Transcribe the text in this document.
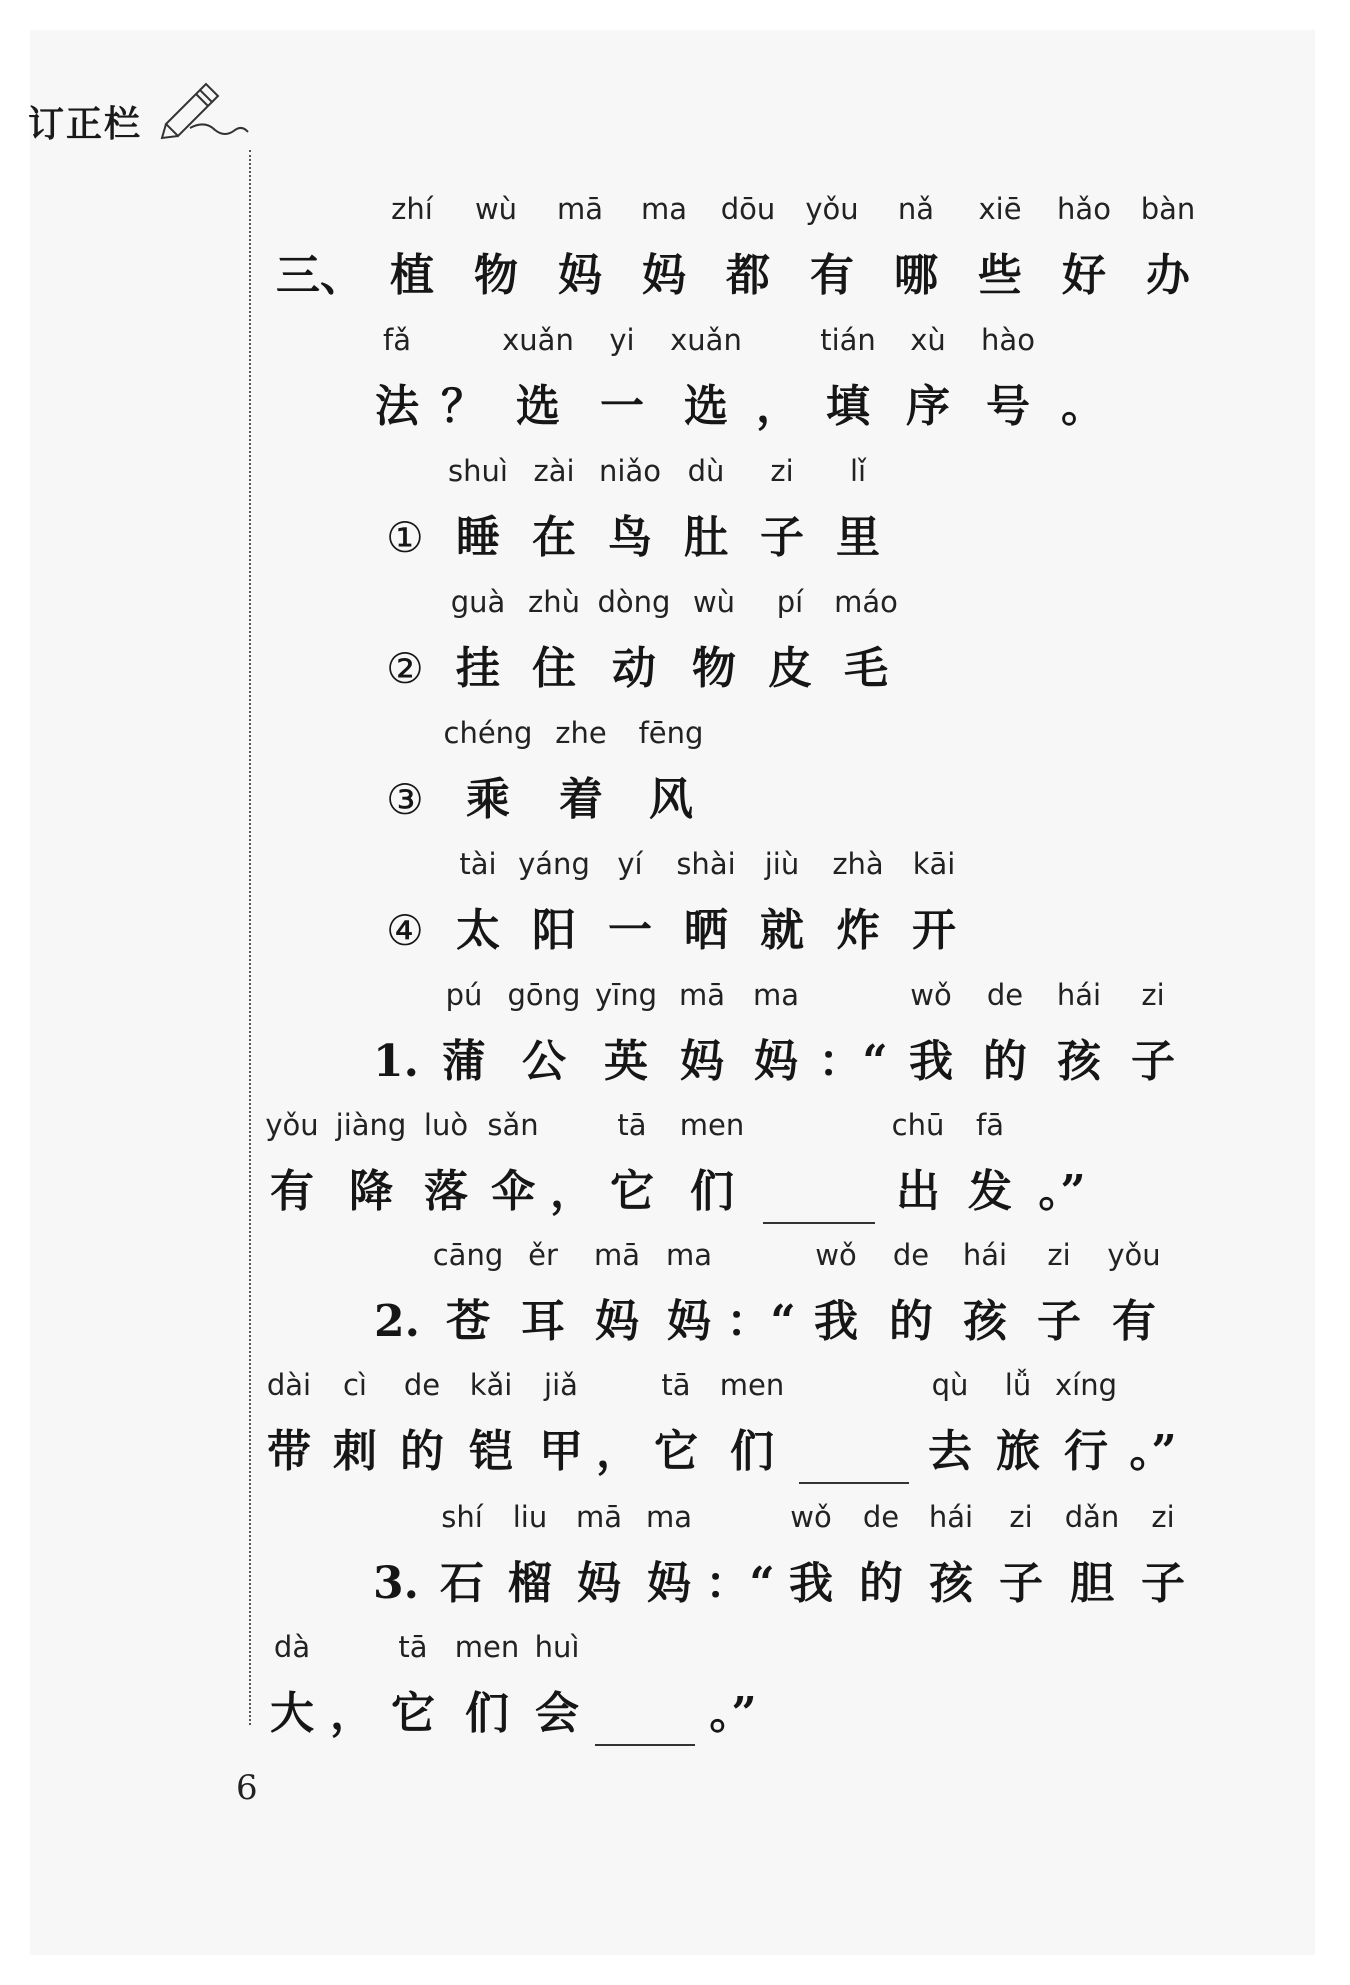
订正栏
三、
zhí
植
wù
物
mā
妈
ma
妈
dōu
都
yǒu
有
nǎ
哪
xiē
些
hǎo
好
bàn
办
fǎ
法 ？
xuǎn
选
yi
一
xuǎn
选 ，
tián
填
xù
序
hào
号 。
①
shuì
睡
zài
在
niǎo
鸟
dù
肚
zi
子
lǐ
里
②
guà
挂
zhù
住
dòng
动
wù
物
pí
皮
máo
毛
③
chéng
乘
zhe
着
fēng
风
④
tài
太
yáng
阳
yí
一
shài
晒
jiù
就
zhà
炸
kāi
开
1.
pú
蒲
gōng
公
yīng
英
mā
妈
ma
妈 ：“
wǒ
我
de
的
hái
孩
zi
子
yǒu
有
jiàng
降
luò
落
sǎn
伞 ，
tā
它
men
们
chū
出
fā
发 。”
2.
cāng
苍
ěr
耳
mā
妈
ma
妈 ：“
wǒ
我
de
的
hái
孩
zi
子
yǒu
有
dài
带
cì
刺
de
的
kǎi
铠
jiǎ
甲 ，
tā
它
men
们
qù
去
lǚ
旅
xíng
行 。”
3.
shí
石
liu
榴
mā
妈
ma
妈 ：“
wǒ
我
de
的
hái
孩
zi
子
dǎn
胆
zi
子
dà
大 ，
tā
它
men
们
huì
会	。”
6
